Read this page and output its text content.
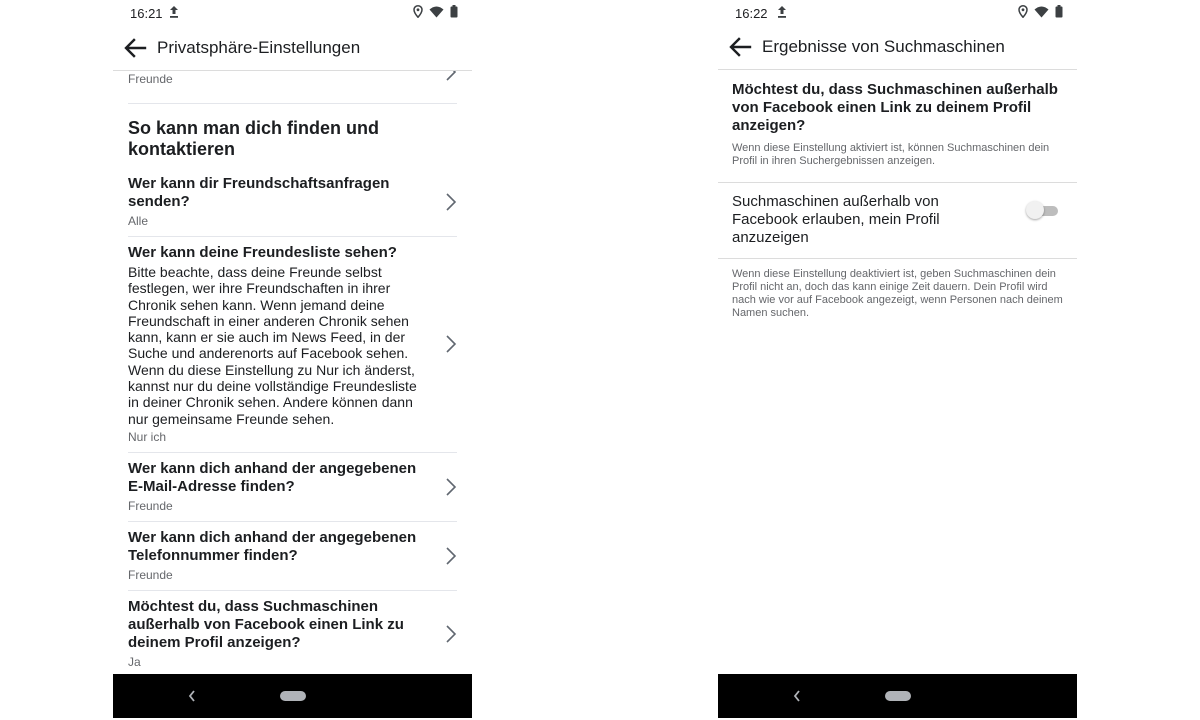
16:21
Privatsphäre-Einstellungen
Freunde
So kann man dich finden und kontaktieren
Wer kann dir Freundschaftsanfragen senden?
Alle
Wer kann deine Freundesliste sehen?
Bitte beachte, dass deine Freunde selbst festlegen, wer ihre Freundschaften in ihrer Chronik sehen kann. Wenn jemand deine Freundschaft in einer anderen Chronik sehen kann, kann er sie auch im News Feed, in der Suche und anderenorts auf Facebook sehen. Wenn du diese Einstellung zu Nur ich änderst, kannst nur du deine vollständige Freundesliste in deiner Chronik sehen. Andere können dann nur gemeinsame Freunde sehen.
Nur ich
Wer kann dich anhand der angegebenen E-Mail-Adresse finden?
Freunde
Wer kann dich anhand der angegebenen Telefonnummer finden?
Freunde
Möchtest du, dass Suchmaschinen außerhalb von Facebook einen Link zu deinem Profil anzeigen?
Ja
16:22
Ergebnisse von Suchmaschinen
Möchtest du, dass Suchmaschinen außerhalb von Facebook einen Link zu deinem Profil anzeigen?
Wenn diese Einstellung aktiviert ist, können Suchmaschinen dein Profil in ihren Suchergebnissen anzeigen.
Suchmaschinen außerhalb von Facebook erlauben, mein Profil anzuzeigen
Wenn diese Einstellung deaktiviert ist, geben Suchmaschinen dein Profil nicht an, doch das kann einige Zeit dauern. Dein Profil wird nach wie vor auf Facebook angezeigt, wenn Personen nach deinem Namen suchen.
